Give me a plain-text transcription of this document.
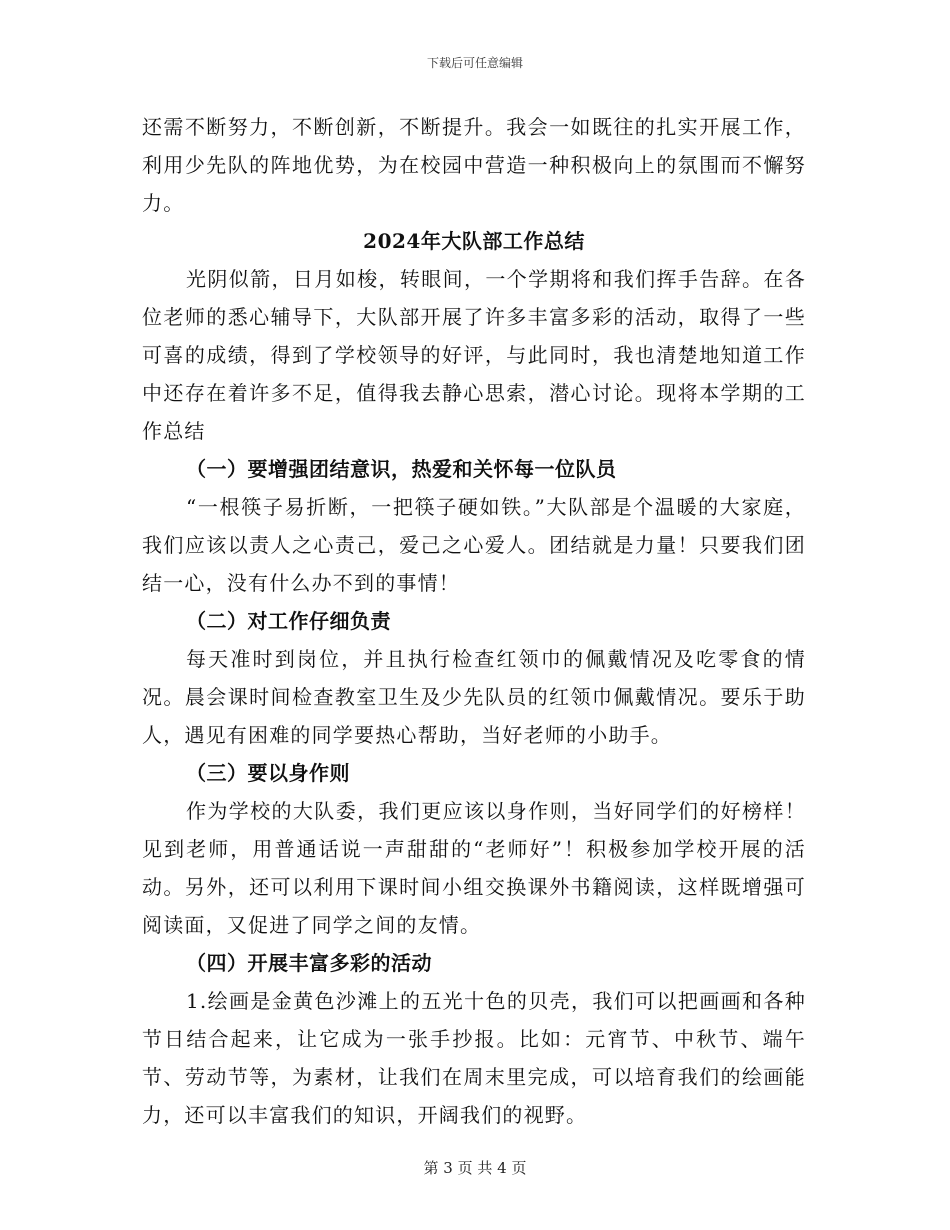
下载后可任意编辑

还需不断努力，不断创新，不断提升。我会一如既往的扎实开展工作，利用少先队的阵地优势，为在校园中营造一种积极向上的氛围而不懈努力。

2024年大队部工作总结

光阴似箭，日月如梭，转眼间，一个学期将和我们挥手告辞。在各位老师的悉心辅导下，大队部开展了许多丰富多彩的活动，取得了一些可喜的成绩，得到了学校领导的好评，与此同时，我也清楚地知道工作中还存在着许多不足，值得我去静心思索，潜心讨论。现将本学期的工作总结

（一）要增强团结意识，热爱和关怀每一位队员

“一根筷子易折断，一把筷子硬如铁。”大队部是个温暖的大家庭，我们应该以责人之心责己，爱己之心爱人。团结就是力量！只要我们团结一心，没有什么办不到的事情！

（二）对工作仔细负责

每天准时到岗位，并且执行检查红领巾的佩戴情况及吃零食的情况。晨会课时间检查教室卫生及少先队员的红领巾佩戴情况。要乐于助人，遇见有困难的同学要热心帮助，当好老师的小助手。

（三）要以身作则

作为学校的大队委，我们更应该以身作则，当好同学们的好榜样！见到老师，用普通话说一声甜甜的“老师好”！积极参加学校开展的活动。另外，还可以利用下课时间小组交换课外书籍阅读，这样既增强可阅读面，又促进了同学之间的友情。

（四）开展丰富多彩的活动

1.绘画是金黄色沙滩上的五光十色的贝壳，我们可以把画画和各种节日结合起来，让它成为一张手抄报。比如：元宵节、中秋节、端午节、劳动节等，为素材，让我们在周末里完成，可以培育我们的绘画能力，还可以丰富我们的知识，开阔我们的视野。

第 3 页 共 4 页
